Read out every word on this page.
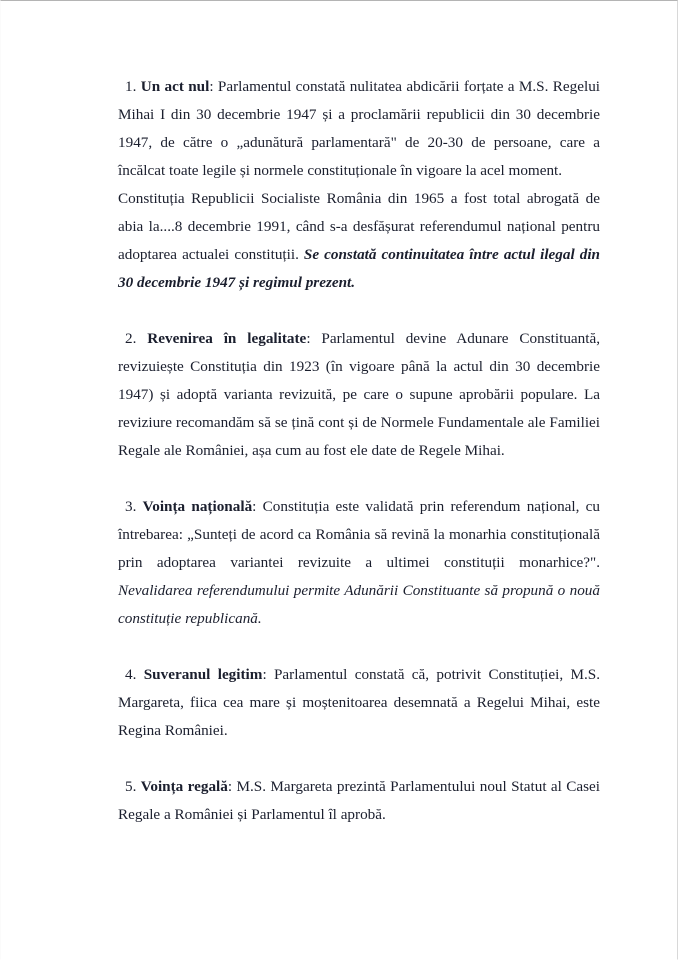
1. Un act nul: Parlamentul constată nulitatea abdicării forțate a M.S. Regelui Mihai I din 30 decembrie 1947 și a proclamării republicii din 30 decembrie 1947, de către o „adunătură parlamentară" de 20-30 de persoane, care a încălcat toate legile și normele constituționale în vigoare la acel moment.

Constituția Republicii Socialiste România din 1965 a fost total abrogată de abia la....8 decembrie 1991, când s-a desfășurat referendumul național pentru adoptarea actualei constituții. Se constată continuitatea între actul ilegal din 30 decembrie 1947 și regimul prezent.

2. Revenirea în legalitate: Parlamentul devine Adunare Constituantă, revizuiește Constituția din 1923 (în vigoare până la actul din 30 decembrie 1947) și adoptă varianta revizuită, pe care o supune aprobării populare. La reviziure recomandăm să se țină cont și de Normele Fundamentale ale Familiei Regale ale României, așa cum au fost ele date de Regele Mihai.

3. Voința națională: Constituția este validată prin referendum național, cu întrebarea: „Sunteți de acord ca România să revină la monarhia constituțională prin adoptarea variantei revizuite a ultimei constituții monarhice?". Nevalidarea referendumului permite Adunării Constituante să propună o nouă constituție republicană.

4. Suveranul legitim: Parlamentul constată că, potrivit Constituției, M.S. Margareta, fiica cea mare și moștenitoarea desemnată a Regelui Mihai, este Regina României.

5. Voința regală: M.S. Margareta prezintă Parlamentului noul Statut al Casei Regale a României și Parlamentul îl aprobă.
